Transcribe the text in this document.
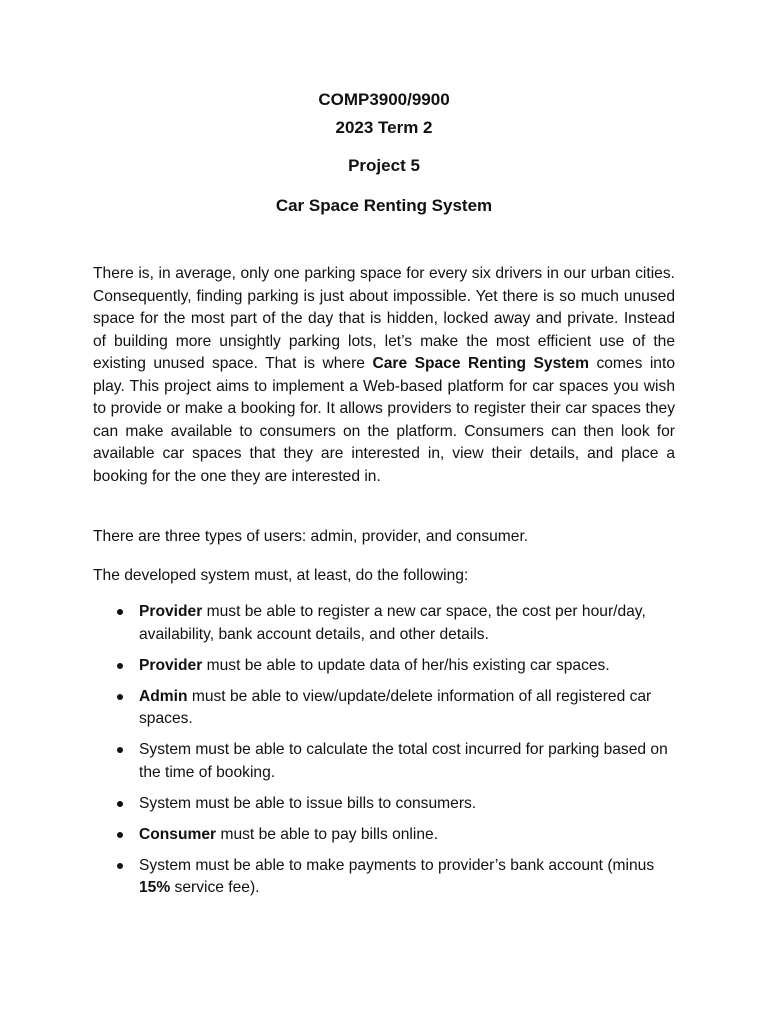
COMP3900/9900
2023 Term 2
Project 5
Car Space Renting System
There is, in average, only one parking space for every six drivers in our urban cities. Consequently, finding parking is just about impossible. Yet there is so much unused space for the most part of the day that is hidden, locked away and private. Instead of building more unsightly parking lots, let’s make the most efficient use of the existing unused space. That is where Care Space Renting System comes into play. This project aims to implement a Web-based platform for car spaces you wish to provide or make a booking for. It allows providers to register their car spaces they can make available to consumers on the platform. Consumers can then look for available car spaces that they are interested in, view their details, and place a booking for the one they are interested in.
There are three types of users: admin, provider, and consumer.
The developed system must, at least, do the following:
Provider must be able to register a new car space, the cost per hour/day, availability, bank account details, and other details.
Provider must be able to update data of her/his existing car spaces.
Admin must be able to view/update/delete information of all registered car spaces.
System must be able to calculate the total cost incurred for parking based on the time of booking.
System must be able to issue bills to consumers.
Consumer must be able to pay bills online.
System must be able to make payments to provider’s bank account (minus 15% service fee).
